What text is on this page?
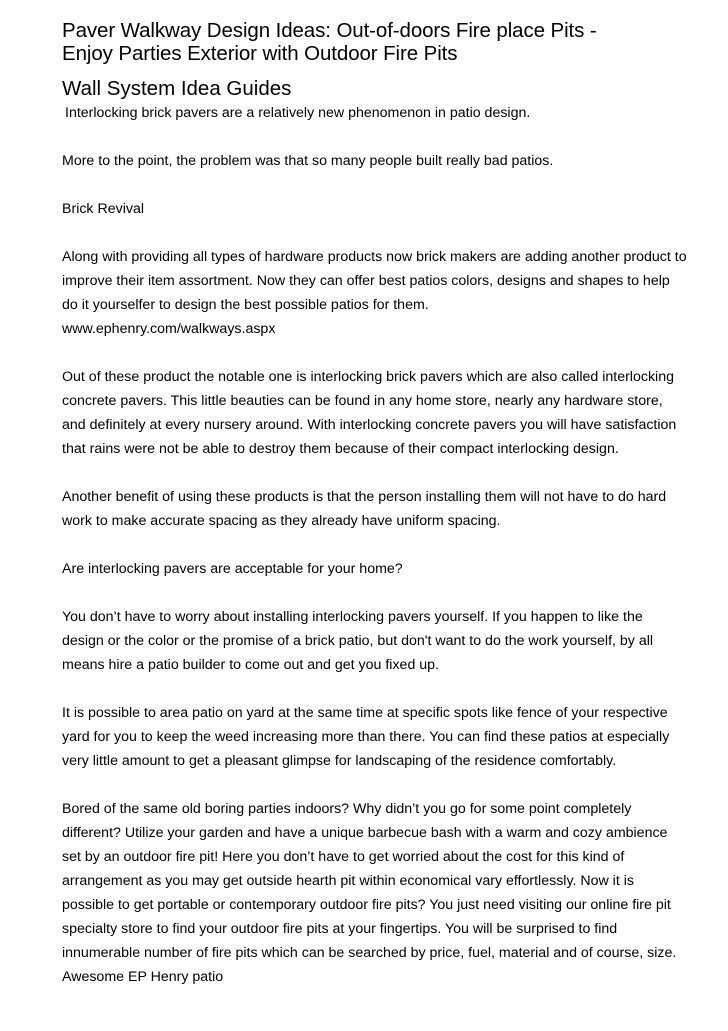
Paver Walkway Design Ideas: Out-of-doors Fire place Pits -
Enjoy Parties Exterior with Outdoor Fire Pits
Wall System Idea Guides

Interlocking brick pavers are a relatively new phenomenon in patio design.

More to the point, the problem was that so many people built really bad patios.

Brick Revival

Along with providing all types of hardware products now brick makers are adding another product to improve their item assortment. Now they can offer best patios colors, designs and shapes to help do it yourselfer to design the best possible patios for them.
www.ephenry.com/walkways.aspx

Out of these product the notable one is interlocking brick pavers which are also called interlocking concrete pavers. This little beauties can be found in any home store, nearly any hardware store, and definitely at every nursery around. With interlocking concrete pavers you will have satisfaction that rains were not be able to destroy them because of their compact interlocking design.

Another benefit of using these products is that the person installing them will not have to do hard work to make accurate spacing as they already have uniform spacing.

Are interlocking pavers are acceptable for your home?

You don’t have to worry about installing interlocking pavers yourself. If you happen to like the design or the color or the promise of a brick patio, but don't want to do the work yourself, by all means hire a patio builder to come out and get you fixed up.

It is possible to area patio on yard at the same time at specific spots like fence of your respective yard for you to keep the weed increasing more than there. You can find these patios at especially very little amount to get a pleasant glimpse for landscaping of the residence comfortably.

Bored of the same old boring parties indoors? Why didn’t you go for some point completely different? Utilize your garden and have a unique barbecue bash with a warm and cozy ambience set by an outdoor fire pit! Here you don’t have to get worried about the cost for this kind of arrangement as you may get outside hearth pit within economical vary effortlessly. Now it is possible to get portable or contemporary outdoor fire pits? You just need visiting our online fire pit specialty store to find your outdoor fire pits at your fingertips. You will be surprised to find innumerable number of fire pits which can be searched by price, fuel, material and of course, size. Awesome EP Henry patio
